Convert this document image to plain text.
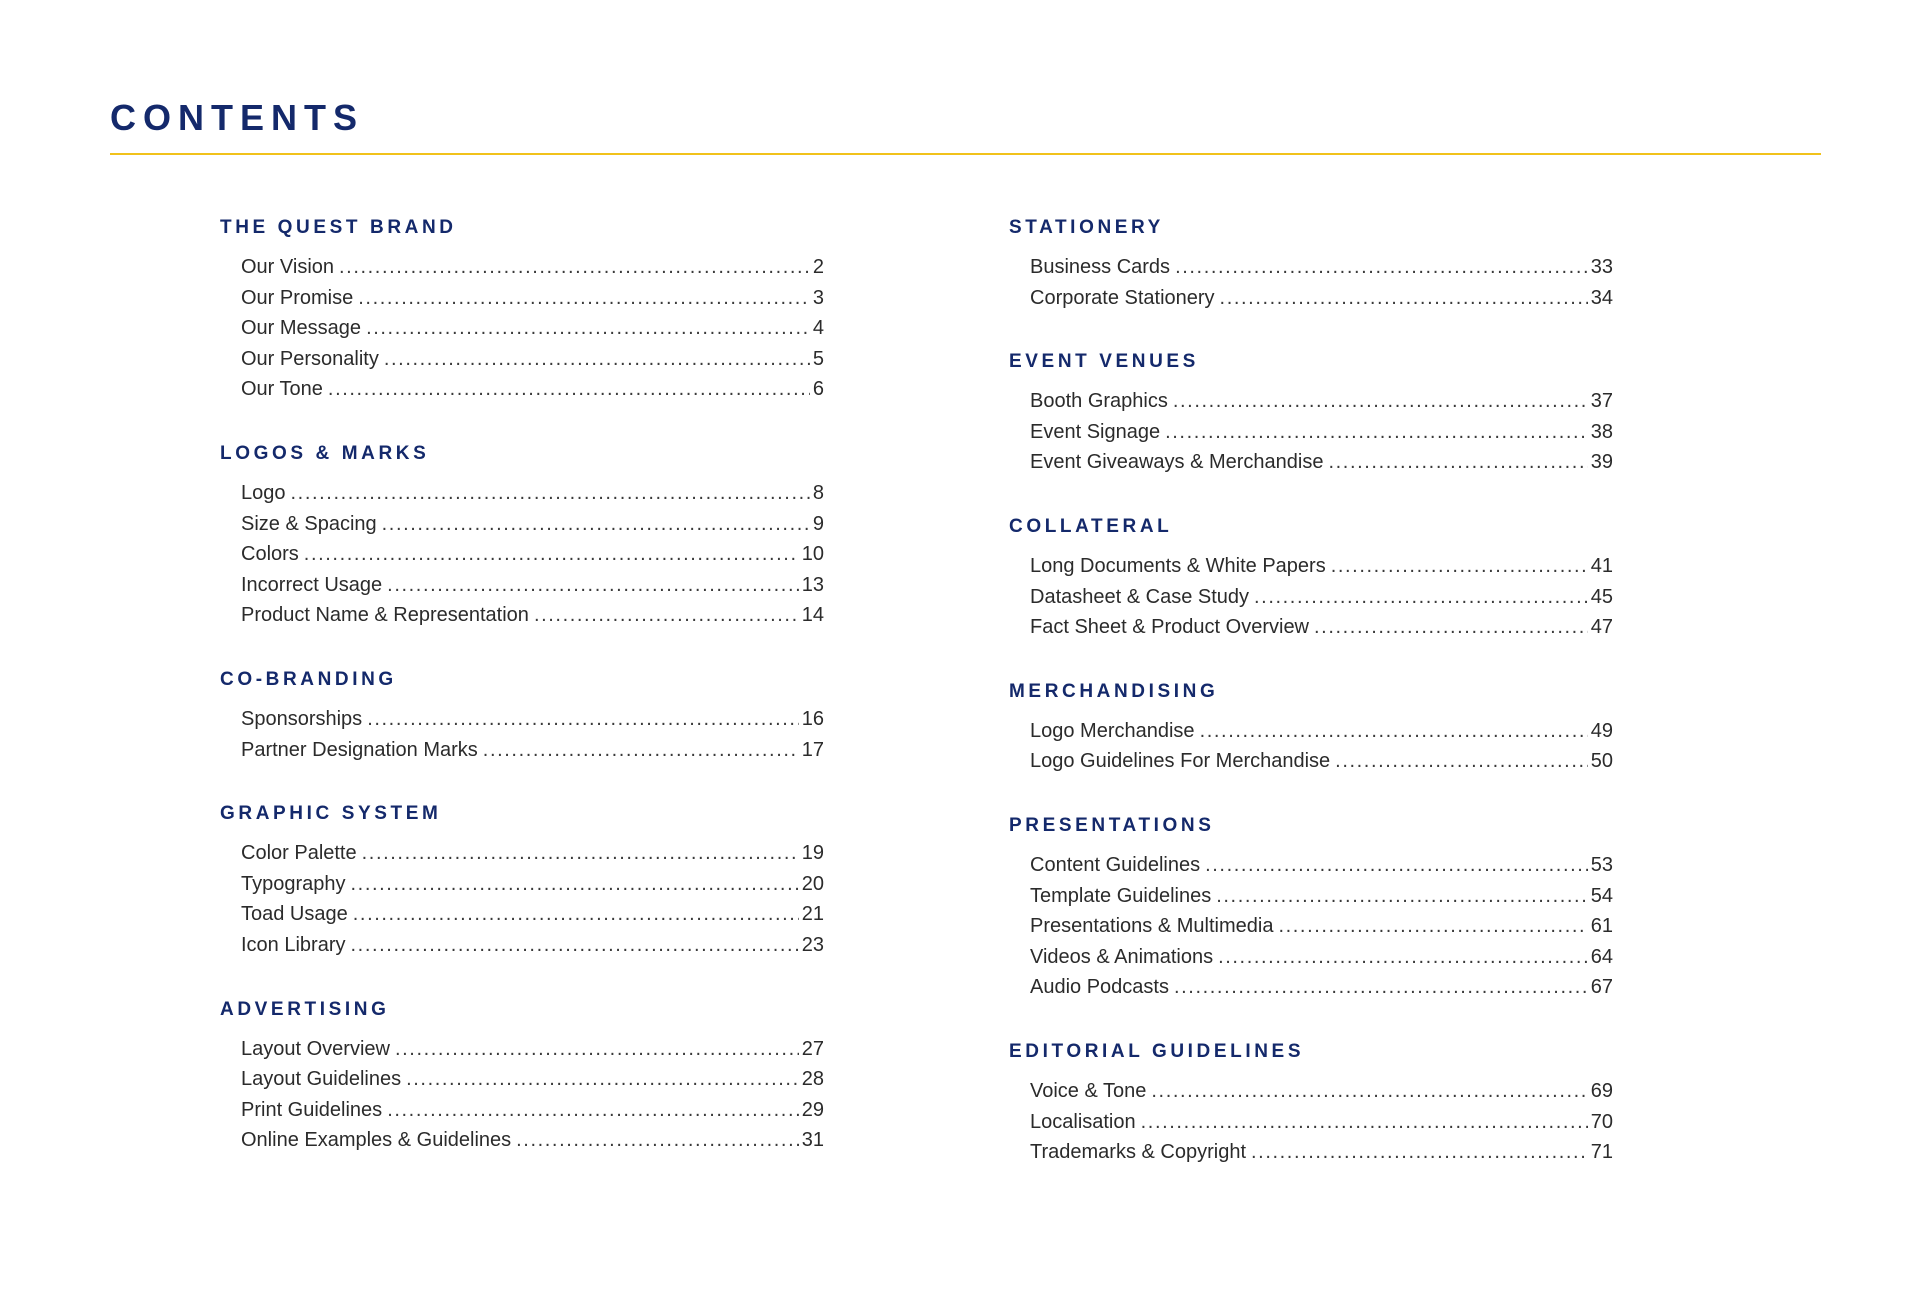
CONTENTS
THE QUEST BRAND
Our Vision .....	2
Our Promise .....	3
Our Message .....	4
Our Personality .....	5
Our Tone .....	6
LOGOS & MARKS
Logo .....	8
Size & Spacing .....	9
Colors .....	10
Incorrect Usage .....	13
Product Name & Representation .....	14
CO-BRANDING
Sponsorships .....	16
Partner Designation Marks .....	17
GRAPHIC SYSTEM
Color Palette .....	19
Typography .....	20
Toad Usage .....	21
Icon Library .....	23
ADVERTISING
Layout Overview .....	27
Layout Guidelines .....	28
Print Guidelines .....	29
Online Examples & Guidelines .....	31
STATIONERY
Business Cards .....	33
Corporate Stationery .....	34
EVENT VENUES
Booth Graphics .....	37
Event Signage .....	38
Event Giveaways & Merchandise .....	39
COLLATERAL
Long Documents & White Papers .....	41
Datasheet & Case Study .....	45
Fact Sheet & Product Overview .....	47
MERCHANDISING
Logo Merchandise .....	49
Logo Guidelines For Merchandise .....	50
PRESENTATIONS
Content Guidelines .....	53
Template Guidelines .....	54
Presentations & Multimedia .....	61
Videos & Animations .....	64
Audio Podcasts .....	67
EDITORIAL GUIDELINES
Voice & Tone .....	69
Localisation .....	70
Trademarks & Copyright .....	71
